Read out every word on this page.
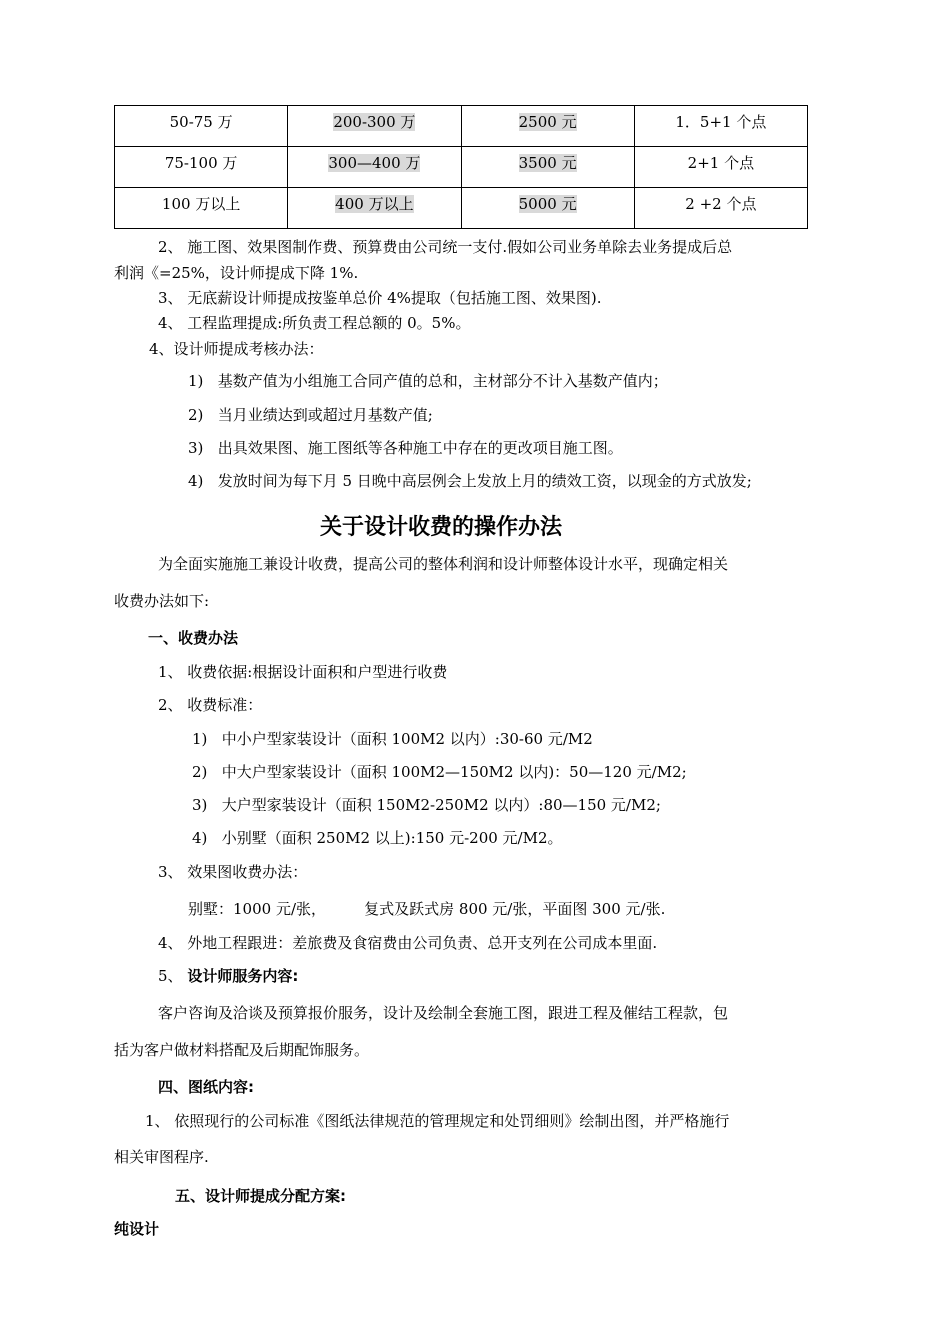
50-75 万	200-300 万	2500 元	1．5+1 个点
75-100 万	300—400 万	3500 元	2+1 个点
100 万以上	400 万以上	5000 元	2 +2 个点
2、 施工图、效果图制作费、预算费由公司统一支付.假如公司业务单除去业务提成后总
利润《=25%，设计师提成下降 1%.
3、 无底薪设计师提成按鉴单总价 4%提取（包括施工图、效果图).
4、 工程监理提成:所负责工程总额的 0。5%。
4、设计师提成考核办法：
1) 基数产值为小组施工合同产值的总和，主材部分不计入基数产值内；
2) 当月业绩达到或超过月基数产值;
3) 出具效果图、施工图纸等各种施工中存在的更改项目施工图。
4) 发放时间为每下月 5 日晚中高层例会上发放上月的绩效工资，以现金的方式放发;
关于设计收费的操作办法
为全面实施施工兼设计收费，提高公司的整体利润和设计师整体设计水平，现确定相关
收费办法如下:
一、收费办法
1、 收费依据:根据设计面积和户型进行收费
2、 收费标准：
1) 中小户型家装设计（面积 100M2 以内）:30-60 元/M2
2) 中大户型家装设计（面积 100M2—150M2 以内)：50—120 元/M2;
3) 大户型家装设计（面积 150M2-250M2 以内）:80—150 元/M2;
4) 小别墅（面积 250M2 以上):150 元-200 元/M2。
3、 效果图收费办法：
别墅：1000 元/张，        复式及跃式房 800 元/张，平面图 300 元/张.
4、 外地工程跟进：差旅费及食宿费由公司负责、总开支列在公司成本里面.
5、 设计师服务内容:
客户咨询及洽谈及预算报价服务，设计及绘制全套施工图，跟进工程及催结工程款，包
括为客户做材料搭配及后期配饰服务。
四、图纸内容:
1、 依照现行的公司标准《图纸法律规范的管理规定和处罚细则》绘制出图，并严格施行
相关审图程序.
五、设计师提成分配方案:
纯设计
